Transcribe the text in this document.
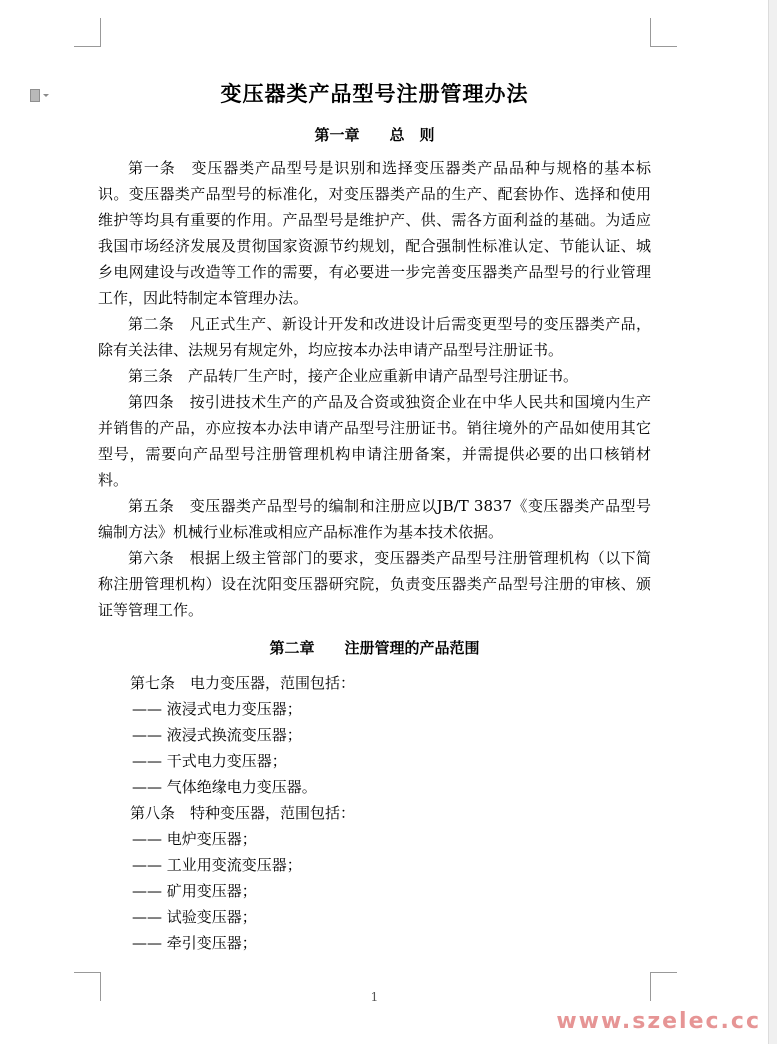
变压器类产品型号注册管理办法
第一章　　总　则

第一条　变压器类产品型号是识别和选择变压器类产品品种与规格的基本标识。变压器类产品型号的标准化，对变压器类产品的生产、配套协作、选择和使用维护等均具有重要的作用。产品型号是维护产、供、需各方面利益的基础。为适应我国市场经济发展及贯彻国家资源节约规划，配合强制性标准认定、节能认证、城乡电网建设与改造等工作的需要，有必要进一步完善变压器类产品型号的行业管理工作，因此特制定本管理办法。

第二条　凡正式生产、新设计开发和改进设计后需变更型号的变压器类产品，除有关法律、法规另有规定外，均应按本办法申请产品型号注册证书。

第三条　产品转厂生产时，接产企业应重新申请产品型号注册证书。

第四条　按引进技术生产的产品及合资或独资企业在中华人民共和国境内生产并销售的产品，亦应按本办法申请产品型号注册证书。销往境外的产品如使用其它型号，需要向产品型号注册管理机构申请注册备案，并需提供必要的出口核销材料。

第五条　变压器类产品型号的编制和注册应以JB/T 3837《变压器类产品型号编制方法》机械行业标准或相应产品标准作为基本技术依据。

第六条　根据上级主管部门的要求，变压器类产品型号注册管理机构（以下简称注册管理机构）设在沈阳变压器研究院，负责变压器类产品型号注册的审核、颁证等管理工作。

第二章　　注册管理的产品范围
第七条　电力变压器，范围包括：
—— 液浸式电力变压器；
—— 液浸式换流变压器；
—— 干式电力变压器；
—— 气体绝缘电力变压器。
第八条　特种变压器，范围包括：
—— 电炉变压器；
—— 工业用变流变压器；
—— 矿用变压器；
—— 试验变压器；
—— 牵引变压器；
1
www.szelec.cc
